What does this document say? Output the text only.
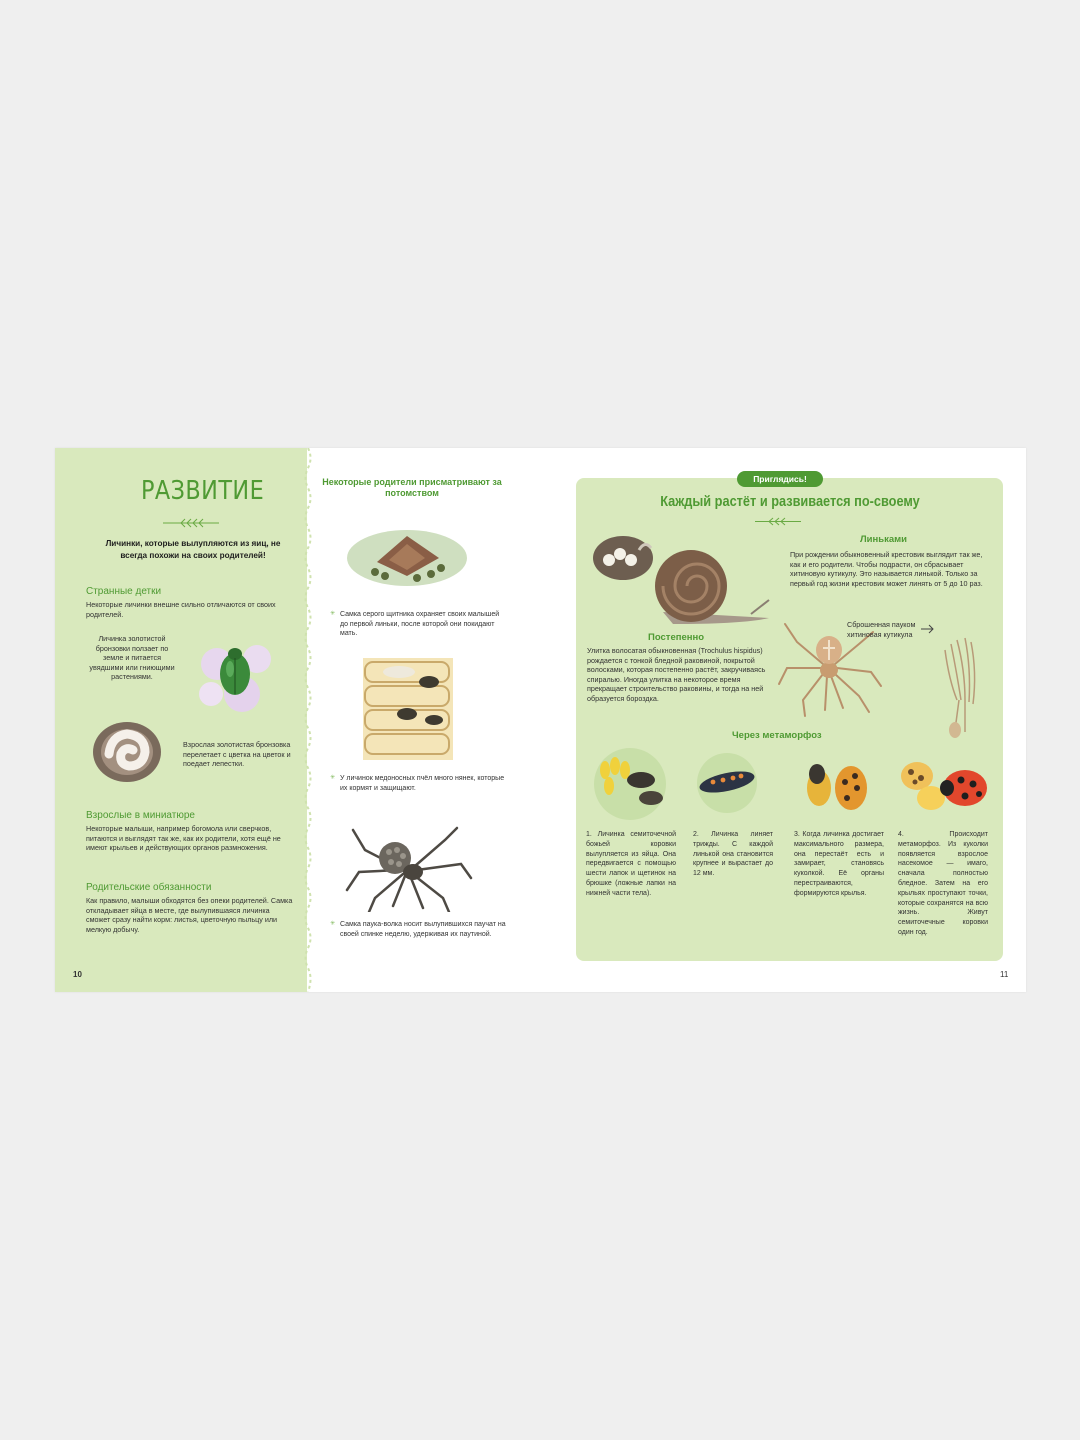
РАЗВИТИЕ
Личинки, которые вылупляются из яиц, не всегда похожи на своих родителей!
Странные детки
Некоторые личинки внешне сильно отличаются от своих родителей.
Личинка золотистой бронзовки ползает по земле и питается увядшими или гниющими растениями.
Взрослая золотистая бронзовка перелетает с цветка на цветок и поедает лепестки.
Взрослые в миниатюре
Некоторые малыши, например богомола или сверчков, питаются и выглядят так же, как их родители, хотя ещё не имеют крыльев и действующих органов размножения.
Родительские обязанности
Как правило, малыши обходятся без опеки родителей. Самка откладывает яйца в месте, где вылупившаяся личинка сможет сразу найти корм: листья, цветочную пыльцу или мелкую добычу.
10
Некоторые родители присматривают за потомством
✳ Самка серого щитника охраняет своих малышей до первой линьки, после которой они покидают мать.
✳ У личинок медоносных пчёл много нянек, которые их кормят и защищают.
✳ Самка паука-волка носит вылупившихся паучат на своей спинке неделю, удерживая их паутиной.
Приглядись!
Каждый растёт и развивается по-своему
Линьками
При рождении обыкновенный крестовик выглядит так же, как и его родители. Чтобы подрасти, он сбрасывает хитиновую кутикулу. Это называется линькой. Только за первый год жизни крестовик может линять от 5 до 10 раз.
Постепенно
Улитка волосатая обыкновенная (Trochulus hispidus) рождается с тонкой бледной раковиной, покрытой волосками, которая постепенно растёт, закручиваясь спиралью. Иногда улитка на некоторое время прекращает строительство раковины, и тогда на ней образуется бороздка.
Сброшенная пауком хитиновая кутикула
Через метаморфоз
1. Личинка семиточечной божьей коровки вылупляется из яйца. Она передвигается с помощью шести лапок и щетинок на брюшке (ложные лапки на нижней части тела).
2. Личинка линяет трижды. С каждой линькой она становится крупнее и вырастает до 12 мм.
3. Когда личинка достигает максимального размера, она перестаёт есть и замирает, становясь куколкой. Её органы перестраиваются, формируются крылья.
4. Происходит метаморфоз. Из куколки появляется взрослое насекомое — имаго, сначала полностью бледное. Затем на его крыльях проступают точки, которые сохранятся на всю жизнь. Живут семиточечные коровки один год.
11
